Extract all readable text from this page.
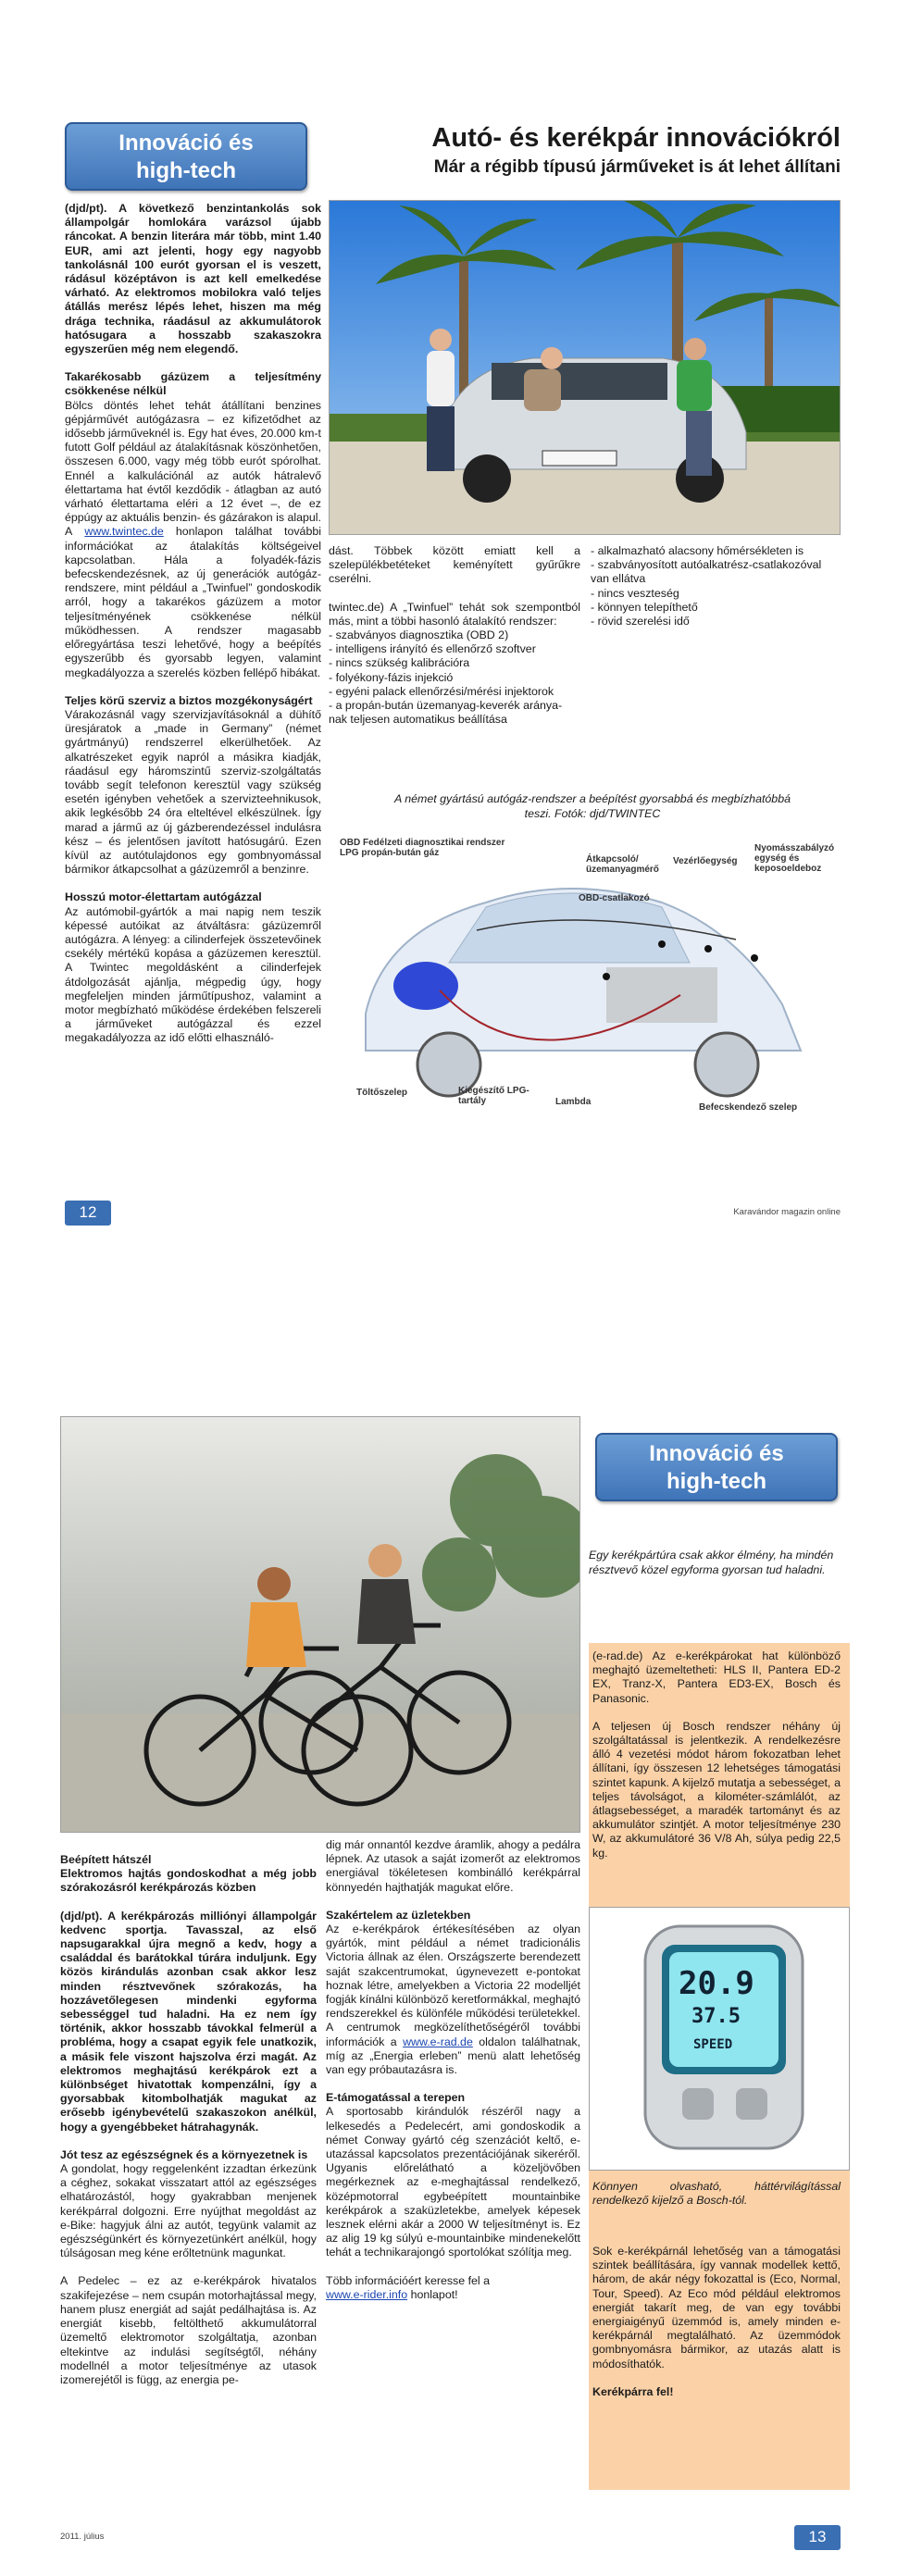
Innováció és
high-tech
Autó- és kerékpár innovációkról
Már a régibb típusú járműveket is át lehet állítani

(djd/pt). A következő benzintankolás sok állampolgár homlokára varázsol újabb ráncokat. A benzin literára már több, mint 1.40 EUR, ami azt jelenti, hogy egy nagyobb tankolásnál 100 eurót gyorsan el is veszett, rádásul középtávon is azt kell emelkedése várható. Az elektromos mobilokra való teljes átállás merész lépés lehet, hiszen ma még drága technika, ráadásul az akkumulátorok hatósugara a hosszabb szakaszokra egyszerűen még nem elegendő.

Takarékosabb gázüzem a teljesítmény csökkenése nélkül

Bölcs döntés lehet tehát átállítani benzines gépjárművét autógázasra – ez kifizetődhet az idősebb járműveknél is. Egy hat éves, 20.000 km-t futott Golf például az átalakításnak köszönhetően, összesen 6.000, vagy még több eurót spórolhat. Ennél a kalkulációnál az autók hátralevő élettartama hat évtől kezdődik - átlagban az autó várható élettartama eléri a 12 évet –, de ez éppúgy az aktuális benzin- és gázárakon is alapul. A www.twintec.de honlapon találhat további információkat az átalakítás költségeivel kapcsolatban. Hála a folyadék-fázis befecskendezésnek, az új generációk autógáz-rendszere, mint például a „Twinfuel” gondoskodik arról, hogy a takarékos gázüzem a motor teljesítményének csökkenése nélkül működhessen. A rendszer magasabb előregyártása teszi lehetővé, hogy a beépítés egyszerűbb és gyorsabb legyen, valamint megkadályozza a szerelés közben fellépő hibákat.

Teljes körű szerviz a biztos mozgékonyságért

Várakozásnál vagy szervizjavításoknál a dühítő üresjáratok a „made in Germany” (német gyártmányú) rendszerrel elkerülhetőek. Az alkatrészeket egyik napról a másikra kiadják, ráadásul egy háromszintű szerviz-szolgáltatás tovább segít telefonon keresztül vagy szükség esetén igényben vehetőek a szervizteehnikusok, akik legkésőbb 24 óra elteltével elkészülnek. Így marad a jármű az új gázberendezéssel indulásra kész – és jelentősen javított hatósugárú. Ezen kívül az autótulajdonos egy gombnyomással bármikor átkapcsolhat a gázüzemről a benzinre.

Hosszú motor-élettartam autógázzal

Az autómobil-gyártók a mai napig nem teszik képessé autóikat az átváltásra: gázüzemről autógázra. A lényeg: a cilinderfejek összetevőinek csekély mértékű kopása a gázüzemen keresztül. A Twintec megoldásként a cilinderfejek átdolgozását ajánlja, mégpedig úgy, hogy megfeleljen minden járműtípushoz, valamint a motor megbízható működése érdekében felszereli a járműveket autógázzal és ezzel megakadályozza az idő előtti elhasználó-

dást. Többek között emiatt kell a szelepülékbetéteket keményített gyűrűkre cserélni.

twintec.de) A „Twinfuel” tehát sok szempontból más, mint a többi hasonló átalakító rendszer:

- szabványos diagnosztika (OBD 2)
- intelligens irányító és ellenőrző szoftver
- nincs szükség kalibrációra
- folyékony-fázis injekció
- egyéni palack ellenőrzési/mérési injektorok
- a propán-bután üzemanyag-keverék aránya-
nak teljesen automatikus beállítása
- alkalmazható alacsony hőmérsékleten is
- szabványosított autóalkatrész-csatlakozóval van ellátva
- nincs veszteség
- könnyen telepíthető
- rövid szerelési idő
A német gyártású autógáz-rendszer a beépítést gyorsabbá és megbízhatóbbá teszi. Fotók: djd/TWINTEC
OBD Fedélzeti diagnosztikai rendszer
LPG propán-bután gáz
Átkapcsoló/üzemanyagmérő
Vezérlőegység
Nyomásszabályzó egység és keposoeldeboz
OBD-csatlakozó
Töltőszelep	Kiegészítő LPG-tartály	Lambda
Befecskendező szelep
12	Karavándor magazin online
Innováció és
high-tech
Egy kerékpártúra csak akkor élmény, ha mindén résztvevő közel egyforma gyorsan tud haladni.

(e-rad.de) Az e-kerékpárokat hat különböző meghajtó üzemeltetheti: HLS II, Pantera ED-2 EX, Tranz-X, Pantera ED3-EX, Bosch és Panasonic.

A teljesen új Bosch rendszer néhány új szolgáltatással is jelentkezik. A rendelkezésre álló 4 vezetési módot három fokozatban lehet állítani, így összesen 12 lehetséges támogatási szintet kapunk. A kijelző mutatja a sebességet, a teljes távolságot, a kilométer-számlálót, az átlagsebességet, a maradék tartományt és az akkumulátor szintjét. A motor teljesítménye 230 W, az akkumulátoré 36 V/8 Ah, súlya pedig 22,5 kg.

20.9
37.5
SPEED
Könnyen olvasható, háttérvilágítással rendelkező kijelző a Bosch-tól.

Sok e-kerékpárnál lehetőség van a támogatási szintek beállítására, így vannak modellek kettő, három, de akár négy fokozattal is (Eco, Normal, Tour, Speed). Az Eco mód például elektromos energiát takarít meg, de van egy további energiaigényű üzemmód is, amely minden e-kerékpárnál megtalálható. Az üzemmódok gombnyomásra bármikor, az utazás alatt is módosíthatók.

Kerékpárra fel!

Beépített hátszél

Elektromos hajtás gondoskodhat a még jobb szórakozásról kerékpározás közben

(djd/pt). A kerékpározás milliónyi állampolgár kedvenc sportja. Tavasszal, az első napsugarakkal újra megnő a kedv, hogy a családdal és barátokkal túrára induljunk. Egy közös kirándulás azonban csak akkor lesz minden résztvevőnek szórakozás, ha hozzávetőlegesen mindenki egyforma sebességgel tud haladni. Ha ez nem így történik, akkor hosszabb távokkal felmerül a probléma, hogy a csapat egyik fele unatkozik, a másik fele viszont hajszolva érzi magát. Az elektromos meghajtású kerékpárok ezt a különbséget hivatottak kompenzálni, így a gyorsabbak kitombolhatják magukat az erősebb igénybevételű szakaszokon anélkül, hogy a gyengébbeket hátrahagynák.

Jót tesz az egészségnek és a környezetnek is

A gondolat, hogy reggelenként izzadtan érkezünk a céghez, sokakat visszatart attól az egészséges elhatározástól, hogy gyakrabban menjenek kerékpárral dolgozni. Erre nyújthat megoldást az e-Bike: hagyjuk álni az autót, tegyünk valamit az egészségünkért és környezetünkért anélkül, hogy túlságosan meg kéne erőltetnünk magunkat.

A Pedelec – ez az e-kerékpárok hivatalos szakifejezése – nem csupán motorhajtással megy, hanem plusz energiát ad saját pedálhajtása is. Az energiát kisebb, feltölthető akkumulátorral üzemeltő elektromotor szolgáltatja, azonban eltekintve az indulási segítségtől, néhány modellnél a motor teljesítménye az utasok izomerejétől is függ, az energia pe-

dig már onnantól kezdve áramlik, ahogy a pedálra lépnek. Az utasok a saját izomerőt az elektromos energiával tökéletesen kombinálló kerékpárral könnyedén hajthatják magukat előre.

Szakértelem az üzletekben

Az e-kerékpárok értékesítésében az olyan gyártók, mint például a német tradicionális Victoria állnak az élen. Országszerte berendezett saját szakcentrumokat, úgynevezett e-pontokat hoznak létre, amelyekben a Victoria 22 modelljét fogják kínálni különböző keretformákkal, meghajtó rendszerekkel és különféle működési területekkel. A centrumok megközelíthetőségéről további információk a www.e-rad.de oldalon találhatnak, míg az „Energia erleben” menü alatt lehetőség van egy próbautazásra is.

E-támogatással a terepen

A sportosabb kirándulók részéről nagy a lelkesedés a Pedelecért, ami gondoskodik a német Conway gyártó cég szenzációt keltő, e-utazással kapcsolatos prezentációjának sikeréről. Ugyanis előrelátható a közeljövőben megérkeznek az e-meghajtással rendelkező, középmotorral egybeépített mountainbike kerékpárok a szaküzletekbe, amelyek képesek lesznek elérni akár a 2000 W teljesítményt is. Ez az alig 19 kg súlyú e-mountainbike mindenekelőtt tehát a technikarajongó sportolókat szólítja meg.

Több információért keresse fel a
www.e-rider.info honlapot!

2011. július	13
